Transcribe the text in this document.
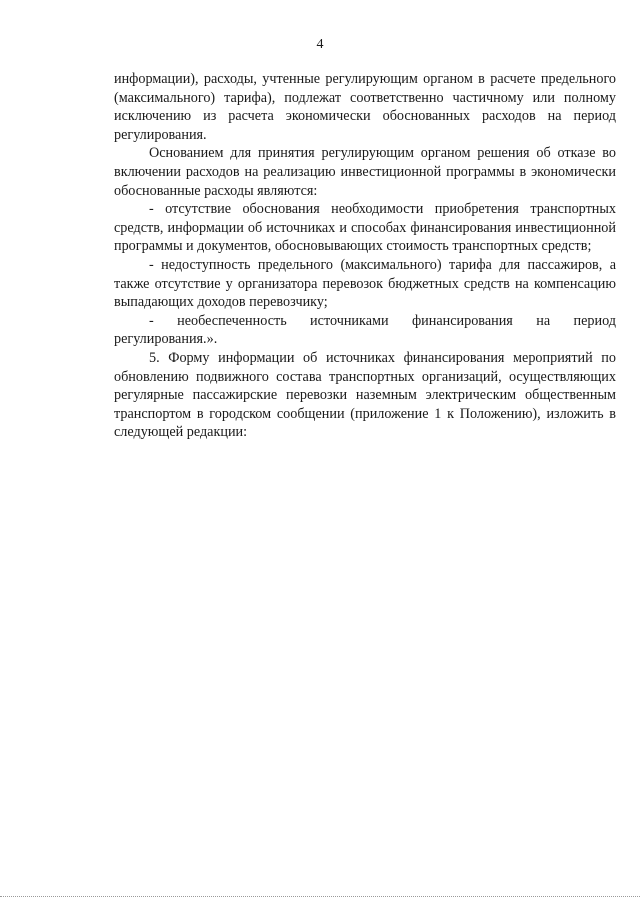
4

информации), расходы, учтенные регулирующим органом в расчете предельного (максимального) тарифа), подлежат соответственно частичному или полному исключению из расчета экономически обоснованных расходов на период регулирования.

Основанием для принятия регулирующим органом решения об отказе во включении расходов на реализацию инвестиционной программы в экономически обоснованные расходы являются:

- отсутствие обоснования необходимости приобретения транспортных средств, информации об источниках и способах финансирования инвестиционной программы и документов, обосновывающих стоимость транспортных средств;

- недоступность предельного (максимального) тарифа для пассажиров, а также отсутствие у организатора перевозок бюджетных средств на компенсацию выпадающих доходов перевозчику;

- необеспеченность источниками финансирования на период регулирования.».

5. Форму информации об источниках финансирования мероприятий по обновлению подвижного состава транспортных организаций, осуществляющих регулярные пассажирские перевозки наземным электрическим общественным транспортом в городском сообщении (приложение 1 к Положению), изложить в следующей редакции:
